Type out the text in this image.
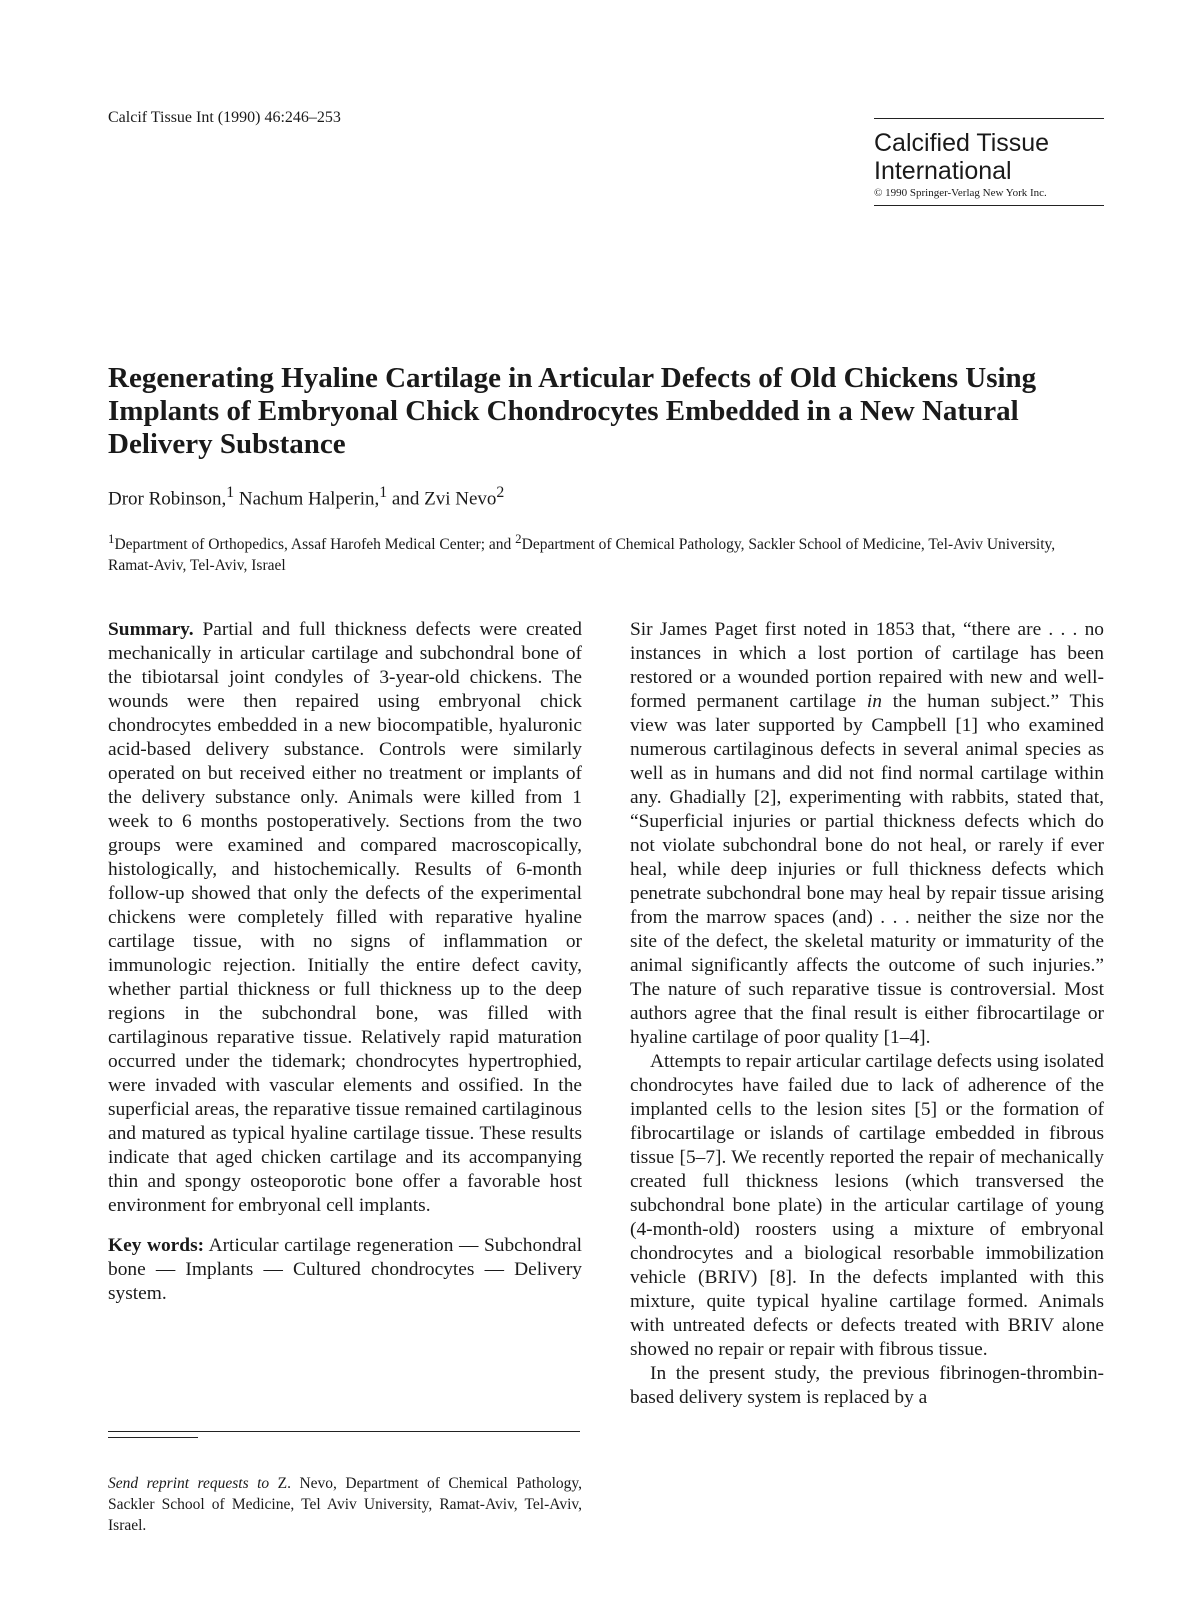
Calcif Tissue Int (1990) 46:246–253
Calcified Tissue International
© 1990 Springer-Verlag New York Inc.
Regenerating Hyaline Cartilage in Articular Defects of Old Chickens Using Implants of Embryonal Chick Chondrocytes Embedded in a New Natural Delivery Substance
Dror Robinson,$^1$ Nachum Halperin,$^1$ and Zvi Nevo$^2$
$^1$Department of Orthopedics, Assaf Harofeh Medical Center; and $^2$Department of Chemical Pathology, Sackler School of Medicine, Tel-Aviv University, Ramat-Aviv, Tel-Aviv, Israel

Summary. Partial and full thickness defects were created mechanically in articular cartilage and subchondral bone of the tibiotarsal joint condyles of 3-year-old chickens. The wounds were then repaired using embryonal chick chondrocytes embedded in a new biocompatible, hyaluronic acid-based delivery substance. Controls were similarly operated on but received either no treatment or implants of the delivery substance only. Animals were killed from 1 week to 6 months postoperatively. Sections from the two groups were examined and compared macroscopically, histologically, and histochemically. Results of 6-month follow-up showed that only the defects of the experimental chickens were completely filled with reparative hyaline cartilage tissue, with no signs of inflammation or immunologic rejection. Initially the entire defect cavity, whether partial thickness or full thickness up to the deep regions in the subchondral bone, was filled with cartilaginous reparative tissue. Relatively rapid maturation occurred under the tidemark; chondrocytes hypertrophied, were invaded with vascular elements and ossified. In the superficial areas, the reparative tissue remained cartilaginous and matured as typical hyaline cartilage tissue. These results indicate that aged chicken cartilage and its accompanying thin and spongy osteoporotic bone offer a favorable host environment for embryonal cell implants.

Key words: Articular cartilage regeneration — Subchondral bone — Implants — Cultured chondrocytes — Delivery system.

Send reprint requests to Z. Nevo, Department of Chemical Pathology, Sackler School of Medicine, Tel Aviv University, Ramat-Aviv, Tel-Aviv, Israel.

Sir James Paget first noted in 1853 that, “there are . . . no instances in which a lost portion of cartilage has been restored or a wounded portion repaired with new and well-formed permanent cartilage in the human subject.” This view was later supported by Campbell [1] who examined numerous cartilaginous defects in several animal species as well as in humans and did not find normal cartilage within any. Ghadially [2], experimenting with rabbits, stated that, “Superficial injuries or partial thickness defects which do not violate subchondral bone do not heal, or rarely if ever heal, while deep injuries or full thickness defects which penetrate subchondral bone may heal by repair tissue arising from the marrow spaces (and) . . . neither the size nor the site of the defect, the skeletal maturity or immaturity of the animal significantly affects the outcome of such injuries.” The nature of such reparative tissue is controversial. Most authors agree that the final result is either fibrocartilage or hyaline cartilage of poor quality [1–4].

Attempts to repair articular cartilage defects using isolated chondrocytes have failed due to lack of adherence of the implanted cells to the lesion sites [5] or the formation of fibrocartilage or islands of cartilage embedded in fibrous tissue [5–7]. We recently reported the repair of mechanically created full thickness lesions (which transversed the subchondral bone plate) in the articular cartilage of young (4-month-old) roosters using a mixture of embryonal chondrocytes and a biological resorbable immobilization vehicle (BRIV) [8]. In the defects implanted with this mixture, quite typical hyaline cartilage formed. Animals with untreated defects or defects treated with BRIV alone showed no repair or repair with fibrous tissue.

In the present study, the previous fibrinogen-thrombin-based delivery system is replaced by a
